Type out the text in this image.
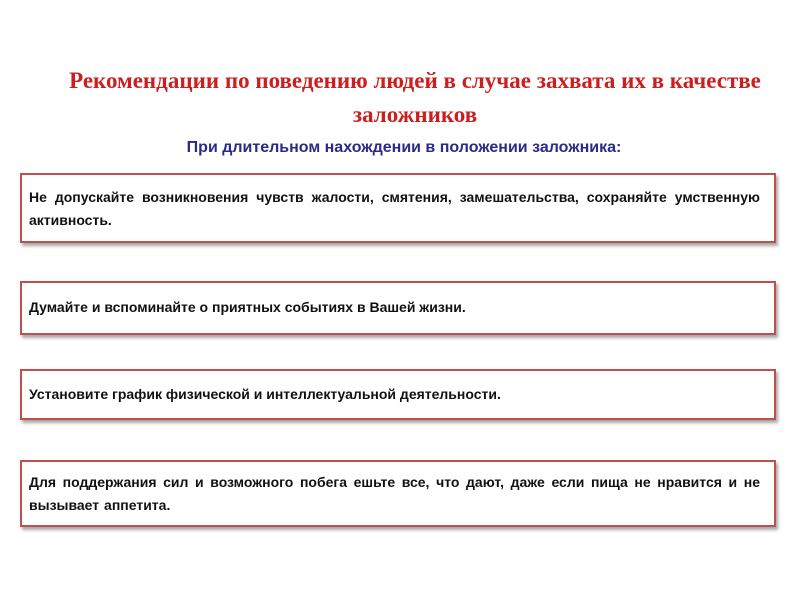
Рекомендации по поведению людей в случае захвата их в качестве заложников
При длительном нахождении в положении заложника:

Не допускайте возникновения чувств жалости, смятения, замешательства, сохраняйте умственную активность.

Думайте и вспоминайте о приятных событиях в Вашей жизни.

Установите график физической и интеллектуальной деятельности.

Для поддержания сил и возможного побега ешьте все, что дают, даже если пища не нравится и не вызывает аппетита.
